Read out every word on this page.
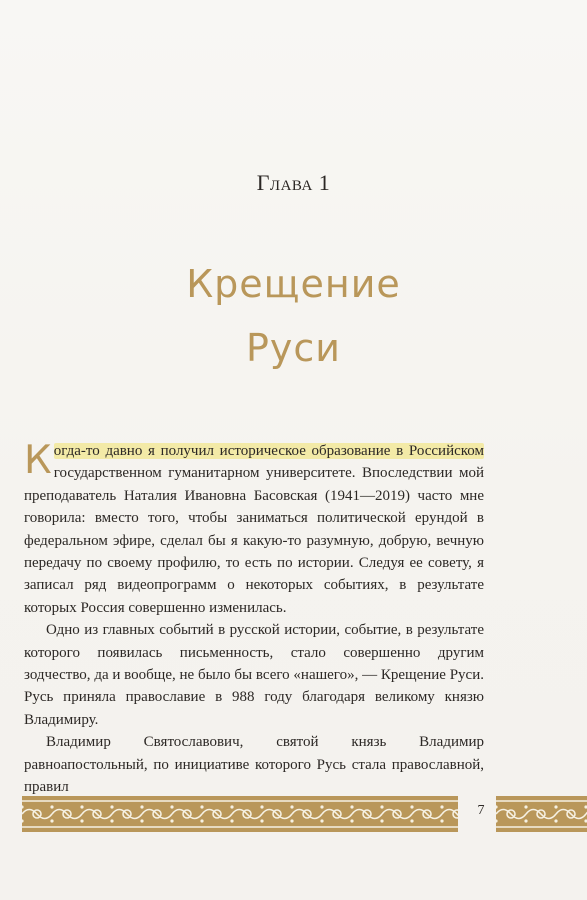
Глава 1
Крещение
Руси

Когда-то давно я получил историческое образование в Российском государственном гуманитарном университете. Впоследствии мой преподаватель Наталия Ивановна Басовская (1941—2019) часто мне говорила: вместо того, чтобы заниматься политической ерундой в федеральном эфире, сделал бы я какую-то разумную, добрую, вечную передачу по своему профилю, то есть по истории. Следуя ее совету, я записал ряд видеопрограмм о некоторых событиях, в результате которых Россия совершенно изменилась.

Одно из главных событий в русской истории, событие, в результате которого появилась письменность, стало совершенно другим зодчество, да и вообще, не было бы всего «нашего», — Крещение Руси. Русь приняла православие в 988 году благодаря великому князю Владимиру.

Владимир Святославович, святой князь Владимир равноапостольный, по инициативе которого Русь стала православной, правил

7
